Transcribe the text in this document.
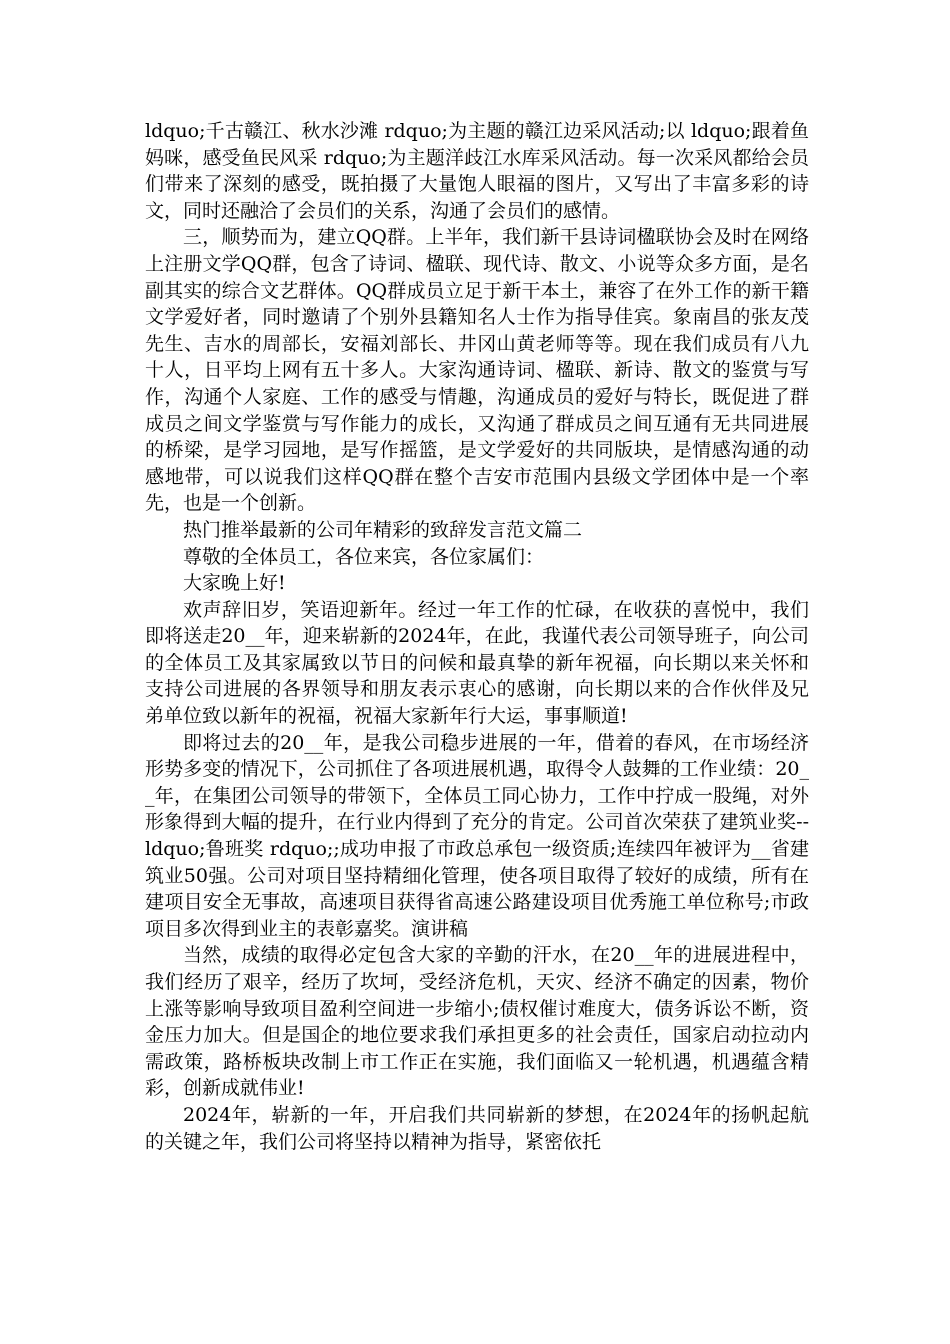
ldquo;千古赣江、秋水沙滩 rdquo;为主题的赣江边采风活动;以 ldquo;跟着鱼妈咪，感受鱼民风采 rdquo;为主题洋歧江水库采风活动。每一次采风都给会员们带来了深刻的感受，既拍摄了大量饱人眼福的图片，又写出了丰富多彩的诗文，同时还融洽了会员们的关系，沟通了会员们的感情。

三，顺势而为，建立QQ群。上半年，我们新干县诗词楹联协会及时在网络上注册文学QQ群，包含了诗词、楹联、现代诗、散文、小说等众多方面，是名副其实的综合文艺群体。QQ群成员立足于新干本土，兼容了在外工作的新干籍文学爱好者，同时邀请了个别外县籍知名人士作为指导佳宾。象南昌的张友茂先生、吉水的周部长，安福刘部长、井冈山黄老师等等。现在我们成员有八九十人，日平均上网有五十多人。大家沟通诗词、楹联、新诗、散文的鉴赏与写作，沟通个人家庭、工作的感受与情趣，沟通成员的爱好与特长，既促进了群成员之间文学鉴赏与写作能力的成长，又沟通了群成员之间互通有无共同进展的桥梁，是学习园地，是写作摇篮，是文学爱好的共同版块，是情感沟通的动感地带，可以说我们这样QQ群在整个吉安市范围内县级文学团体中是一个率先，也是一个创新。

热门推举最新的公司年精彩的致辞发言范文篇二

尊敬的全体员工，各位来宾，各位家属们：

大家晚上好!

欢声辞旧岁，笑语迎新年。经过一年工作的忙碌，在收获的喜悦中，我们即将送走20__年，迎来崭新的2024年，在此，我谨代表公司领导班子，向公司的全体员工及其家属致以节日的问候和最真挚的新年祝福，向长期以来关怀和支持公司进展的各界领导和朋友表示衷心的感谢，向长期以来的合作伙伴及兄弟单位致以新年的祝福，祝福大家新年行大运，事事顺道!

即将过去的20__年，是我公司稳步进展的一年，借着的春风，在市场经济形势多变的情况下，公司抓住了各项进展机遇，取得令人鼓舞的工作业绩：20__年，在集团公司领导的带领下，全体员工同心协力，工作中拧成一股绳，对外形象得到大幅的提升，在行业内得到了充分的肯定。公司首次荣获了建筑业奖-- ldquo;鲁班奖 rdquo;;成功申报了市政总承包一级资质;连续四年被评为__省建筑业50强。公司对项目坚持精细化管理，使各项目取得了较好的成绩，所有在建项目安全无事故，高速项目获得省高速公路建设项目优秀施工单位称号;市政项目多次得到业主的表彰嘉奖。演讲稿

当然，成绩的取得必定包含大家的辛勤的汗水，在20__年的进展进程中，我们经历了艰辛，经历了坎坷，受经济危机，天灾、经济不确定的因素，物价上涨等影响导致项目盈利空间进一步缩小;债权催讨难度大，债务诉讼不断，资金压力加大。但是国企的地位要求我们承担更多的社会责任，国家启动拉动内需政策，路桥板块改制上市工作正在实施，我们面临又一轮机遇，机遇蕴含精彩，创新成就伟业!

2024年，崭新的一年，开启我们共同崭新的梦想，在2024年的扬帆起航的关键之年，我们公司将坚持以精神为指导，紧密依托
